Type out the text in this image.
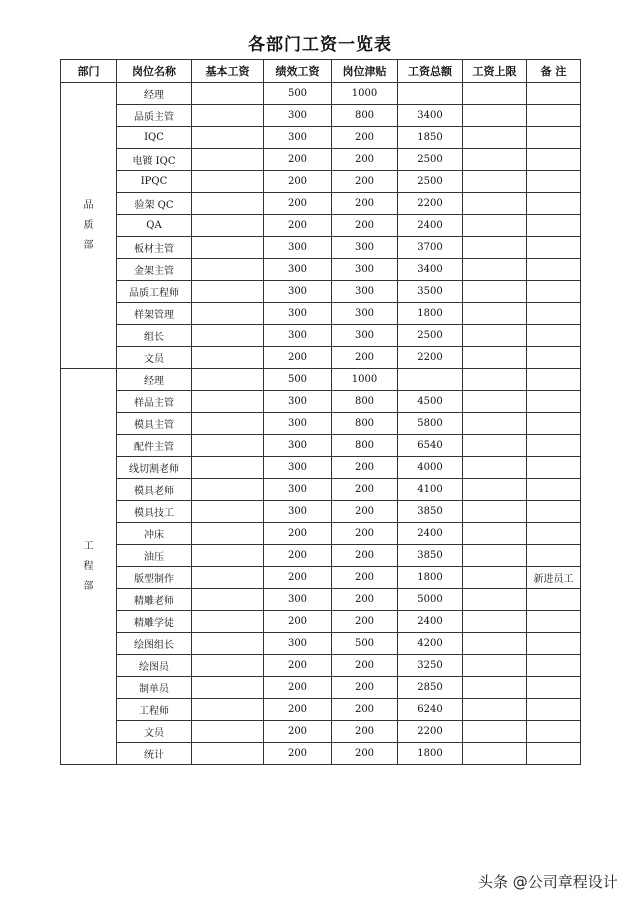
各部门工资一览表
部门	岗位名称	基本工资	绩效工资	岗位津贴	工资总额	工资上限	备 注
品质部	经理		500	1000			
	品质主管		300	800	3400		
	IQC		300	200	1850		
	电镀 IQC		200	200	2500		
	IPQC		200	200	2500		
	验架 QC		200	200	2200		
	QA		200	200	2400		
	板材主管		300	300	3700		
	金架主管		300	300	3400		
	品质工程师		300	300	3500		
	样架管理		300	300	1800		
	组长		300	300	2500		
	文员		200	200	2200		
工程部	经理		500	1000			
	样品主管		300	800	4500		
	模具主管		300	800	5800		
	配件主管		300	800	6540		
	线切割老师		300	200	4000		
	模具老师		300	200	4100		
	模具技工		300	200	3850		
	冲床		200	200	2400		
	油压		200	200	3850		
	版型制作		200	200	1800		新进员工
	精雕老师		300	200	5000		
	精雕学徒		200	200	2400		
	绘图组长		300	500	4200		
	绘图员		200	200	3250		
	制单员		200	200	2850		
	工程师		200	200	6240		
	文员		200	200	2200		
	统计		200	200	1800		
头条 @公司章程设计
